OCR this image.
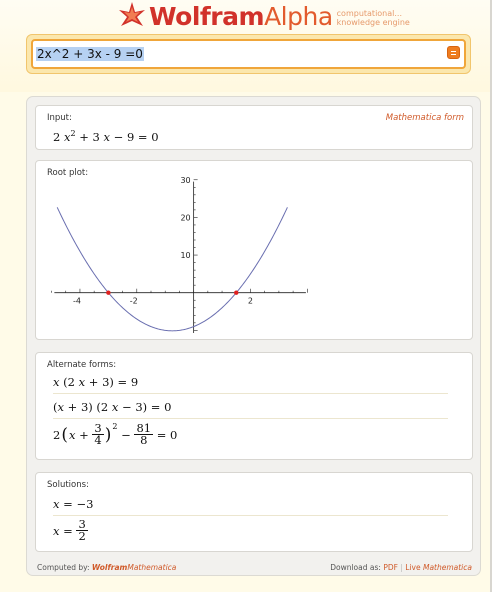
Wolfram Alpha computational...
knowledge engine
2x^2 + 3x - 9 =0
Input:	Mathematica form
2 $x^2 + 3$ x − 9 = 0
Root plot:
-4	-2	2
10
20
30
Alternate forms:
x (2 x + 3) = 9
(x + 3) (2 x − 3) = 0
2 ( $x + \frac{3}{4}$ ) 2
− $\frac{81}{8} = 0$
Solutions:
x = −3
$x = \frac{3}{2}$
Computed by: WolframMathematica	Download as: PDF | Live Mathematica
